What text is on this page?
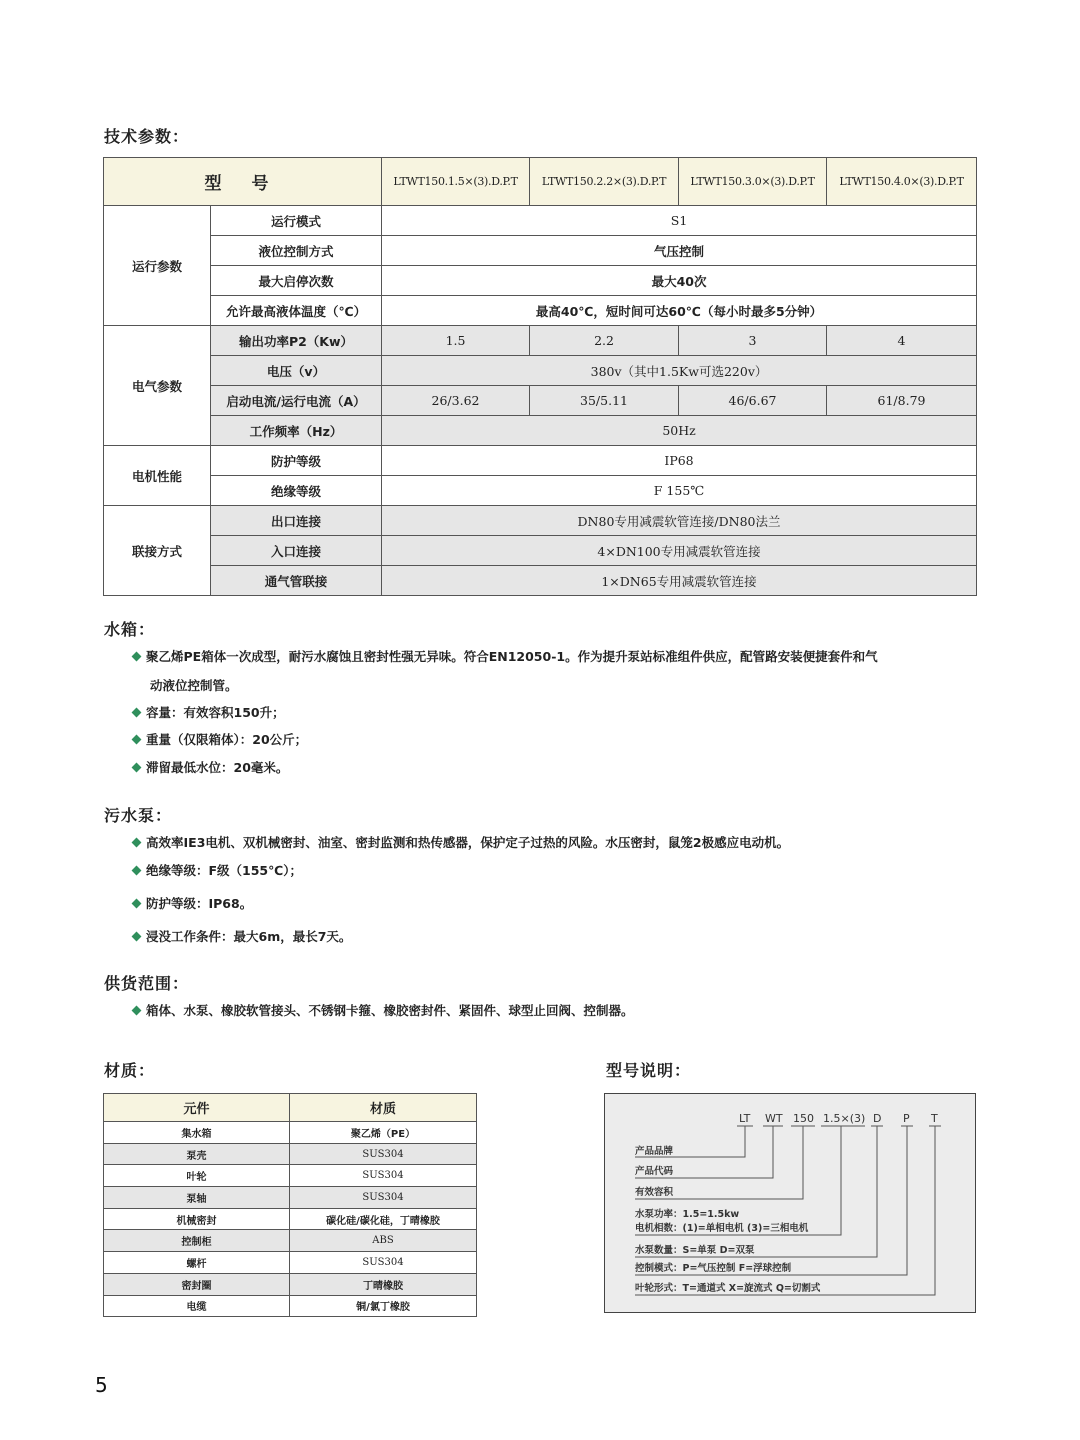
技术参数：
型 号		LTWT150.1.5×(3).D.P.T	LTWT150.2.2×(3).D.P.T	LTWT150.3.0×(3).D.P.T	LTWT150.4.0×(3).D.P.T
运行参数	运行模式	S1			
	液位控制方式	气压控制			
	最大启停次数	最大40次			
	允许最高液体温度（℃）	最高40℃，短时间可达60℃（每小时最多5分钟）			
电气参数	输出功率P2（Kw）	1.5	2.2	3	4
	电压（v）	380v（其中1.5Kw可选220v）			
	启动电流/运行电流（A）	26/3.62	35/5.11	46/6.67	61/8.79
	工作频率（Hz）	50Hz			
电机性能	防护等级	IP68			
	绝缘等级	F 155℃			
联接方式	出口连接	DN80专用减震软管连接/DN80法兰			
	入口连接	4×DN100专用减震软管连接			
	通气管联接	1×DN65专用减震软管连接			
水箱：
聚乙烯PE箱体一次成型，耐污水腐蚀且密封性强无异味。符合EN12050-1。作为提升泵站标准组件供应，配管路安装便捷套件和气
动液位控制管。
容量：有效容积150升；
重量（仅限箱体）：20公斤；
滞留最低水位：20毫米。
污水泵：
高效率IE3电机、双机械密封、油室、密封监测和热传感器，保护定子过热的风险。水压密封，鼠笼2极感应电动机。
绝缘等级：F级（155℃）；
防护等级：IP68。
浸没工作条件：最大6m，最长7天。
供货范围：
箱体、水泵、橡胶软管接头、不锈钢卡箍、橡胶密封件、紧固件、球型止回阀、控制器。
材质：
元件	材质
集水箱	聚乙烯（PE）
泵壳	SUS304
叶轮	SUS304
泵轴	SUS304
机械密封	碳化硅/碳化硅，丁晴橡胶
控制柜	ABS
螺杆	SUS304
密封圈	丁晴橡胶
电缆	铜/氯丁橡胶
型号说明：
LT WT 150 1.5×(3) D P T
产品品牌
产品代码
有效容积
水泵功率：1.5=1.5kw
电机相数：(1)=单相电机 (3)=三相电机
水泵数量：S=单泵 D=双泵
控制模式：P=气压控制 F=浮球控制
叶轮形式：T=通道式 X=旋流式 Q=切割式
5
